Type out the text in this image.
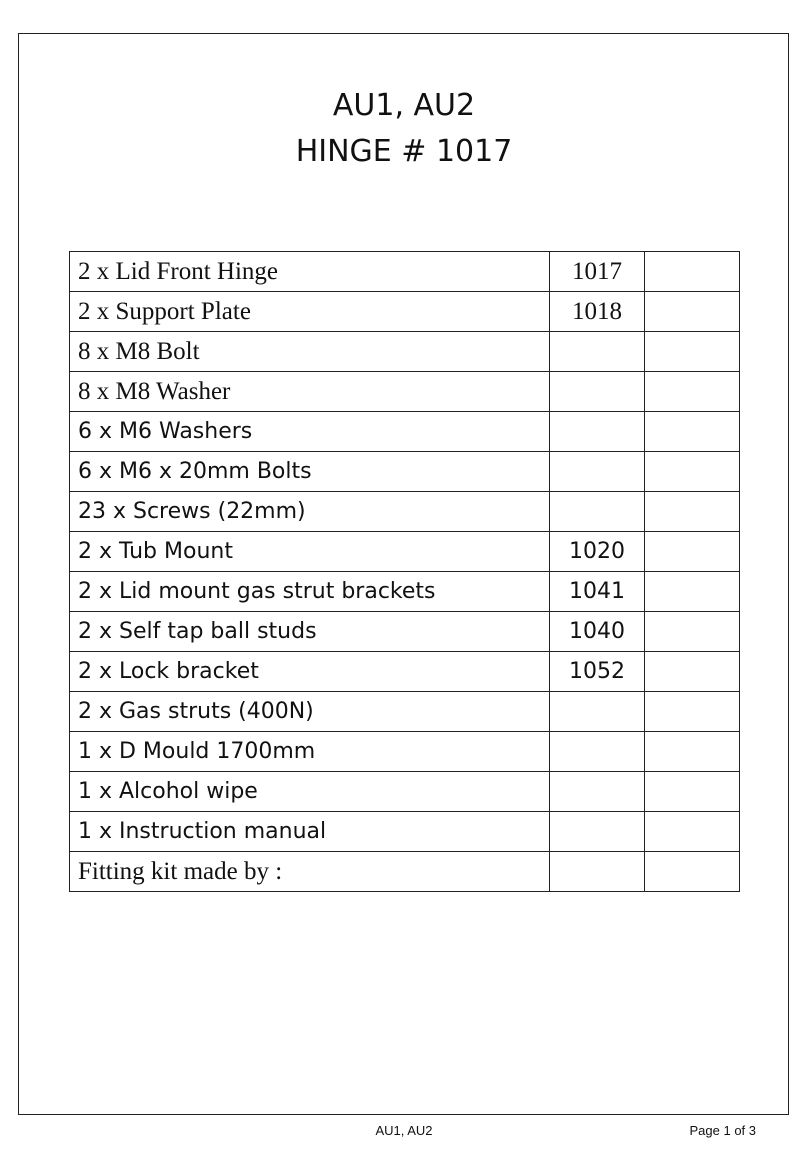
AU1, AU2
HINGE # 1017
2 x Lid Front Hinge	1017	
2 x Support Plate	1018	
8 x M8 Bolt		
8 x M8 Washer		
6 x M6 Washers		
6 x M6 x 20mm Bolts		
23 x Screws (22mm)		
2 x Tub Mount	1020	
2 x Lid mount gas strut brackets	1041	
2 x Self tap ball studs	1040	
2 x Lock bracket	1052	
2 x Gas struts (400N)		
1 x D Mould 1700mm		
1 x Alcohol wipe		
1 x Instruction manual		
Fitting kit made by :		
AU1, AU2	Page 1 of 3
